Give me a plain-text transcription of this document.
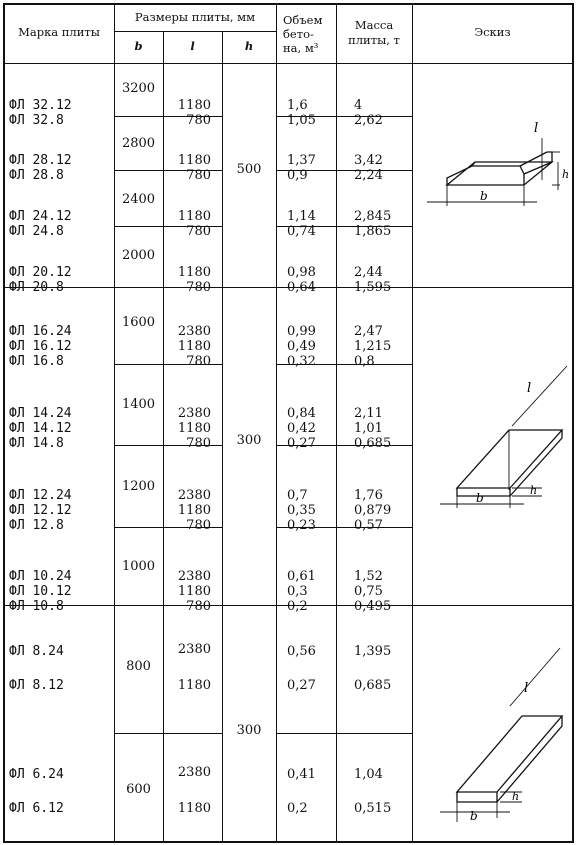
Марка плиты
Размеры плиты, мм
b	l	h
Объем
бето-
на, м³
Масса
плиты, т
Эскиз

ФЛ 32.12
ФЛ 32.8

3200

1180
780

1,6
1,05

4
2,62

ФЛ 28.12
ФЛ 28.8

2800

1180
780

1,37
0,9

3,42
2,24

ФЛ 24.12
ФЛ 24.8

2400

1180
780

1,14
0,74

2,845
1,865

ФЛ 20.12
ФЛ 20.8

2000

1180
780

0,98
0,64

2,44
1,595

500

ФЛ 16.24
ФЛ 16.12
ФЛ 16.8

1600

2380
1180
780

0,99
0,49
0,32

2,47
1,215
0,8

ФЛ 14.24
ФЛ 14.12
ФЛ 14.8

1400

2380
1180
780

0,84
0,42
0,27

2,11
1,01
0,685

ФЛ 12.24
ФЛ 12.12
ФЛ 12.8

1200

2380
1180
780

0,7
0,35
0,23

1,76
0,879
0,57

ФЛ 10.24
ФЛ 10.12
ФЛ 10.8

1000

2380
1180
780

0,61
0,3
0,2

1,52
0,75
0,495

300
ФЛ 8.24
ФЛ 8.12
800
2380
1180
0,56
0,27
1,395
0,685
ФЛ 6.24
ФЛ 6.12
600
2380
1180
0,41
0,2
1,04
0,515
300
l
b
h
l
b
h
l
b
h
